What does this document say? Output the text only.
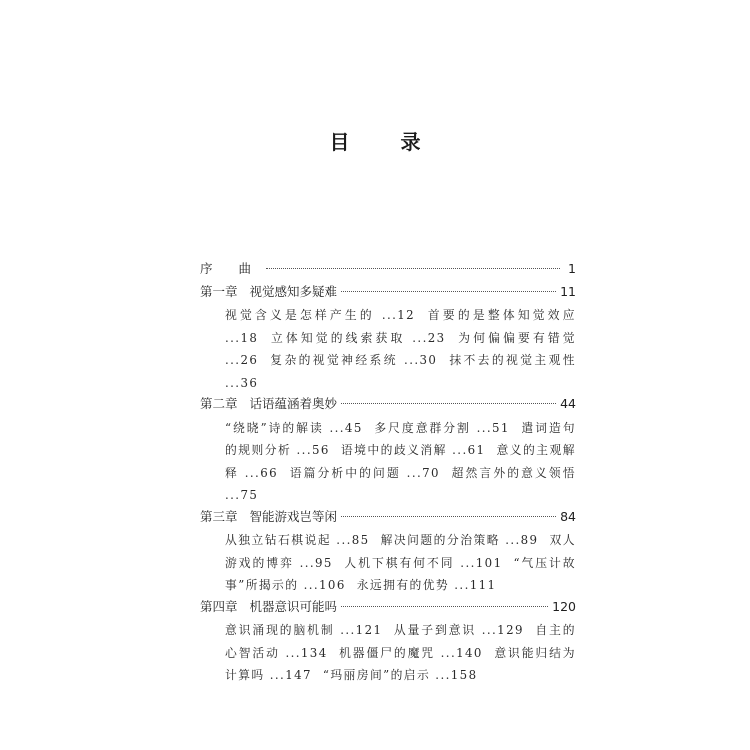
目 录
序 曲	1
第一章 视觉感知多疑难	11
视觉含义是怎样产生的 ...12 首要的是整体知觉效应 ...18 立体知觉的线索获取 ...23 为何偏偏要有错觉 ...26 复杂的视觉神经系统 ...30 抹不去的视觉主观性 ...36
第二章 话语蕴涵着奥妙	44
“绕晓”诗的解读 ...45 多尺度意群分割 ...51 遣词造句的规则分析 ...56 语境中的歧义消解 ...61 意义的主观解释 ...66 语篇分析中的问题 ...70 超然言外的意义领悟 ...75
第三章 智能游戏岂等闲	84
从独立钻石棋说起 ...85 解决问题的分治策略 ...89 双人游戏的博弈 ...95 人机下棋有何不同 ...101 “气压计故事”所揭示的 ...106 永远拥有的优势 ...111
第四章 机器意识可能吗	120
意识涌现的脑机制 ...121 从量子到意识 ...129 自主的心智活动 ...134 机器僵尸的魔咒 ...140 意识能归结为计算吗 ...147 “玛丽房间”的启示 ...158
